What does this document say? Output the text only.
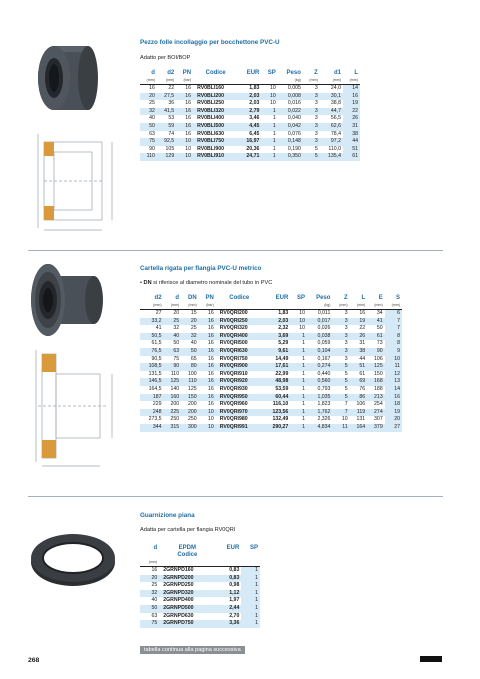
Pezzo folle incollaggio per bocchettone PVC-U
Adatto per BOI/BOP
d	d2	PN	Codice	EUR	SP	Peso	Z	d1	L
(mm)	(mm)	(bar)				(kg)	(mm)	(mm)	(mm)
16	22	16	RV0BLI160	1,83	10	0,005	3	24,0	14
20	27,5	16	RV0BLI200	2,03	10	0,008	3	30,1	16
25	36	16	RV0BLI250	2,03	10	0,016	3	38,8	19
32	41,5	16	RV0BLI320	2,79	1	0,022	3	44,7	22
40	53	16	RV0BLI400	3,46	1	0,040	3	56,5	26
50	59	16	RV0BLI500	4,45	1	0,042	3	62,6	31
63	74	16	RV0BLI630	6,45	1	0,076	3	78,4	38
75	92,5	10	RV0BLI750	16,97	1	0,148	3	97,2	44
90	105	10	RV0BLI900	20,36	1	0,190	5	110,0	51
110	129	10	RV0BLI910	24,71	1	0,350	5	135,4	61
Cartella rigata per flangia PVC-U metrico
• DN si riferisce al diametro nominale del tubo in PVC
d2	d	DN	PN	Codice	EUR	SP	Peso	Z	L	E	S
(mm)	(mm)	(mm)	(bar)				(kg)	(mm)	(mm)	(mm)	(mm)
27	20	15	16	RV0QRI200	1,83	10	0,011	3	16	34	6
33,2	25	20	16	RV0QRI250	2,03	10	0,017	3	19	41	7
41	32	25	16	RV0QRI320	2,32	10	0,026	3	22	50	7
50,5	40	32	16	RV0QRI400	3,69	1	0,038	3	26	61	8
61,5	50	40	16	RV0QRI500	5,29	1	0,059	3	31	73	8
76,5	63	50	16	RV0QRI630	9,61	1	0,104	3	38	90	9
90,5	75	65	16	RV0QRI750	14,49	1	0,167	3	44	106	10
108,5	90	80	16	RV0QRI900	17,61	1	0,274	5	51	125	11
131,5	110	100	16	RV0QRI910	22,99	1	0,440	5	61	150	12
146,5	125	110	16	RV0QRI920	48,98	1	0,560	5	69	168	13
164,5	140	125	16	RV0QRI930	53,59	1	0,793	5	76	188	14
187	160	150	16	RV0QRI950	60,44	1	1,035	5	86	213	16
229	200	200	16	RV0QRI960	116,10	1	1,823	7	106	254	18
248	225	200	10	RV0QRI970	123,56	1	1,762	7	119	274	19
273,5	250	250	10	RV0QRI980	132,49	1	2,326	10	131	307	20
344	315	300	10	RV0QRI991	290,27	1	4,834	11	164	379	27
Guarnizione piana
Adatta per cartella per flangia RV0QRI
d	EPDM	EUR	SP
	Codice		
(mm)			
16	2GRNPD160	0,83	1
20	2GRNPD200	0,83	1
25	2GRNPD250	0,98	1
32	2GRNPD320	1,12	1
40	2GRNPD400	1,97	1
50	2GRNPD500	2,44	1
63	2GRNPD630	2,70	1
75	2GRNPD750	3,36	1
tabella continua alla pagina successiva
268
